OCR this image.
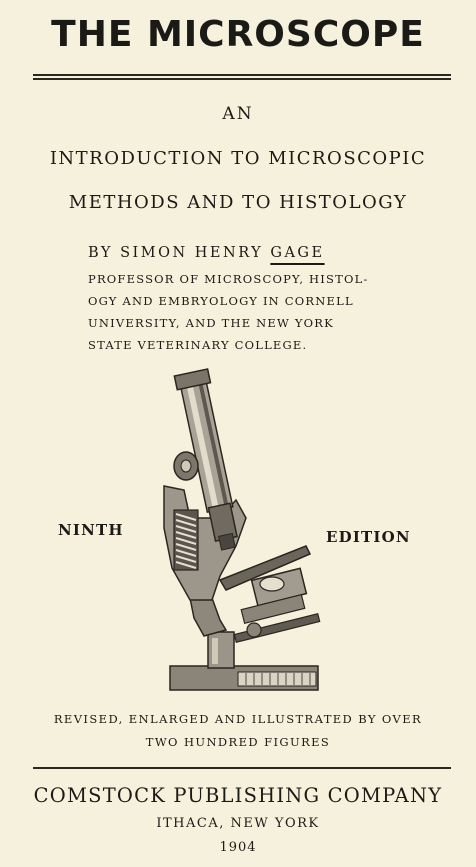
THE MICROSCOPE
AN
INTRODUCTION TO MICROSCOPIC
METHODS AND TO HISTOLOGY
BY SIMON HENRY GAGE
PROFESSOR OF MICROSCOPY, HISTOL-
OGY AND EMBRYOLOGY IN CORNELL
UNIVERSITY, AND THE NEW YORK
STATE VETERINARY COLLEGE.
NINTH	EDITION
REVISED, ENLARGED AND ILLUSTRATED BY OVER
TWO HUNDRED FIGURES
COMSTOCK PUBLISHING COMPANY
ITHACA, NEW YORK
1904
